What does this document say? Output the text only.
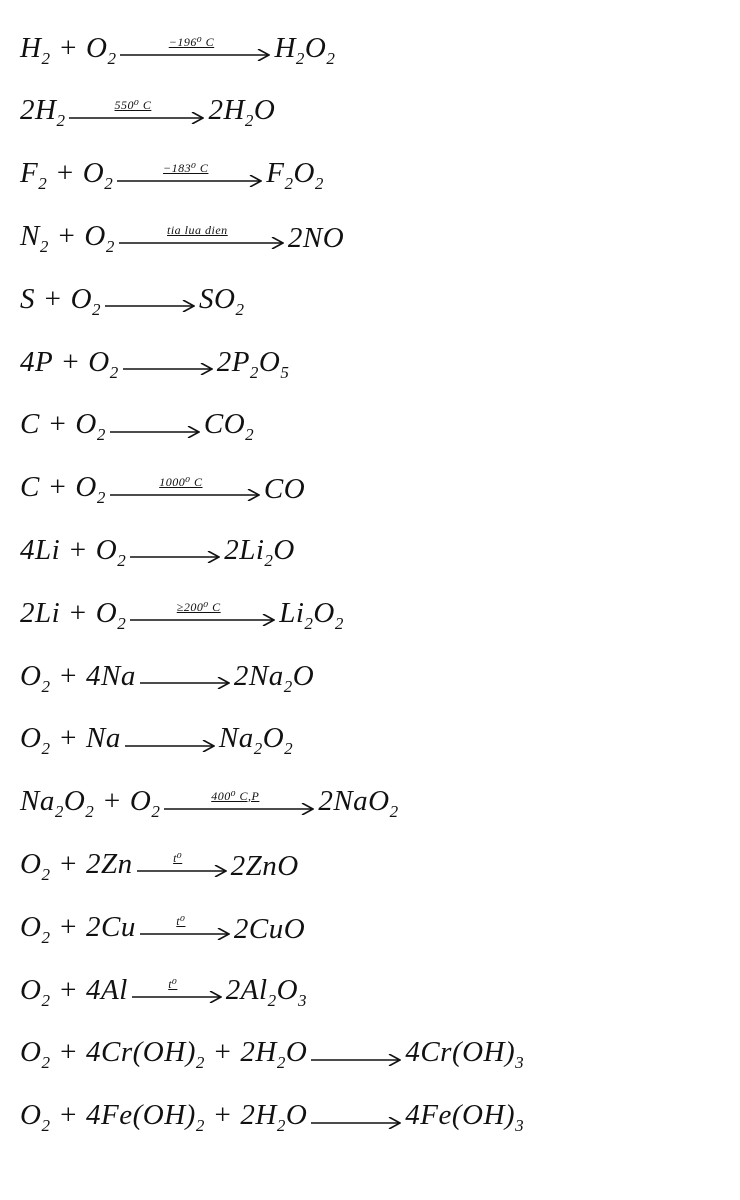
$H_2 + O_2$
−196⁰ C	$H_2O_2$
$2H_2$
550⁰ C	$2H_2O$
$F_2 + O_2$
−183⁰ C	$F_2O_2$
$N_2 + O_2$
tia lua dien	2NO
$S + O_2 \to SO_2$
$4P + O_2 \to 2P_2O_5$
$C + O_2 \to CO_2$
$C + O_2$
1000⁰ C	CO
$4Li + O_2 \to 2Li_2O$
$2Li + O_2$
≥200⁰ C	$Li_2O_2$
$O_2 + 4Na \to 2Na_2O$
$O_2 + Na \to Na_2O_2$
$Na_2O_2 + O_2$
400⁰ C,P	2NaO$_2$
$O_2 + 2Zn$	t⁰	2ZnO
$O_2 + 2Cu$	t⁰	2CuO
$O_2 + 4Al$	t⁰	$2Al_2O_3$
$O_2 + 4Cr(OH)_2 + 2H_2O \to 4Cr(OH)_3$
$O_2 + 4Fe(OH)_2 + 2H_2O \to 4Fe(OH)_3$
